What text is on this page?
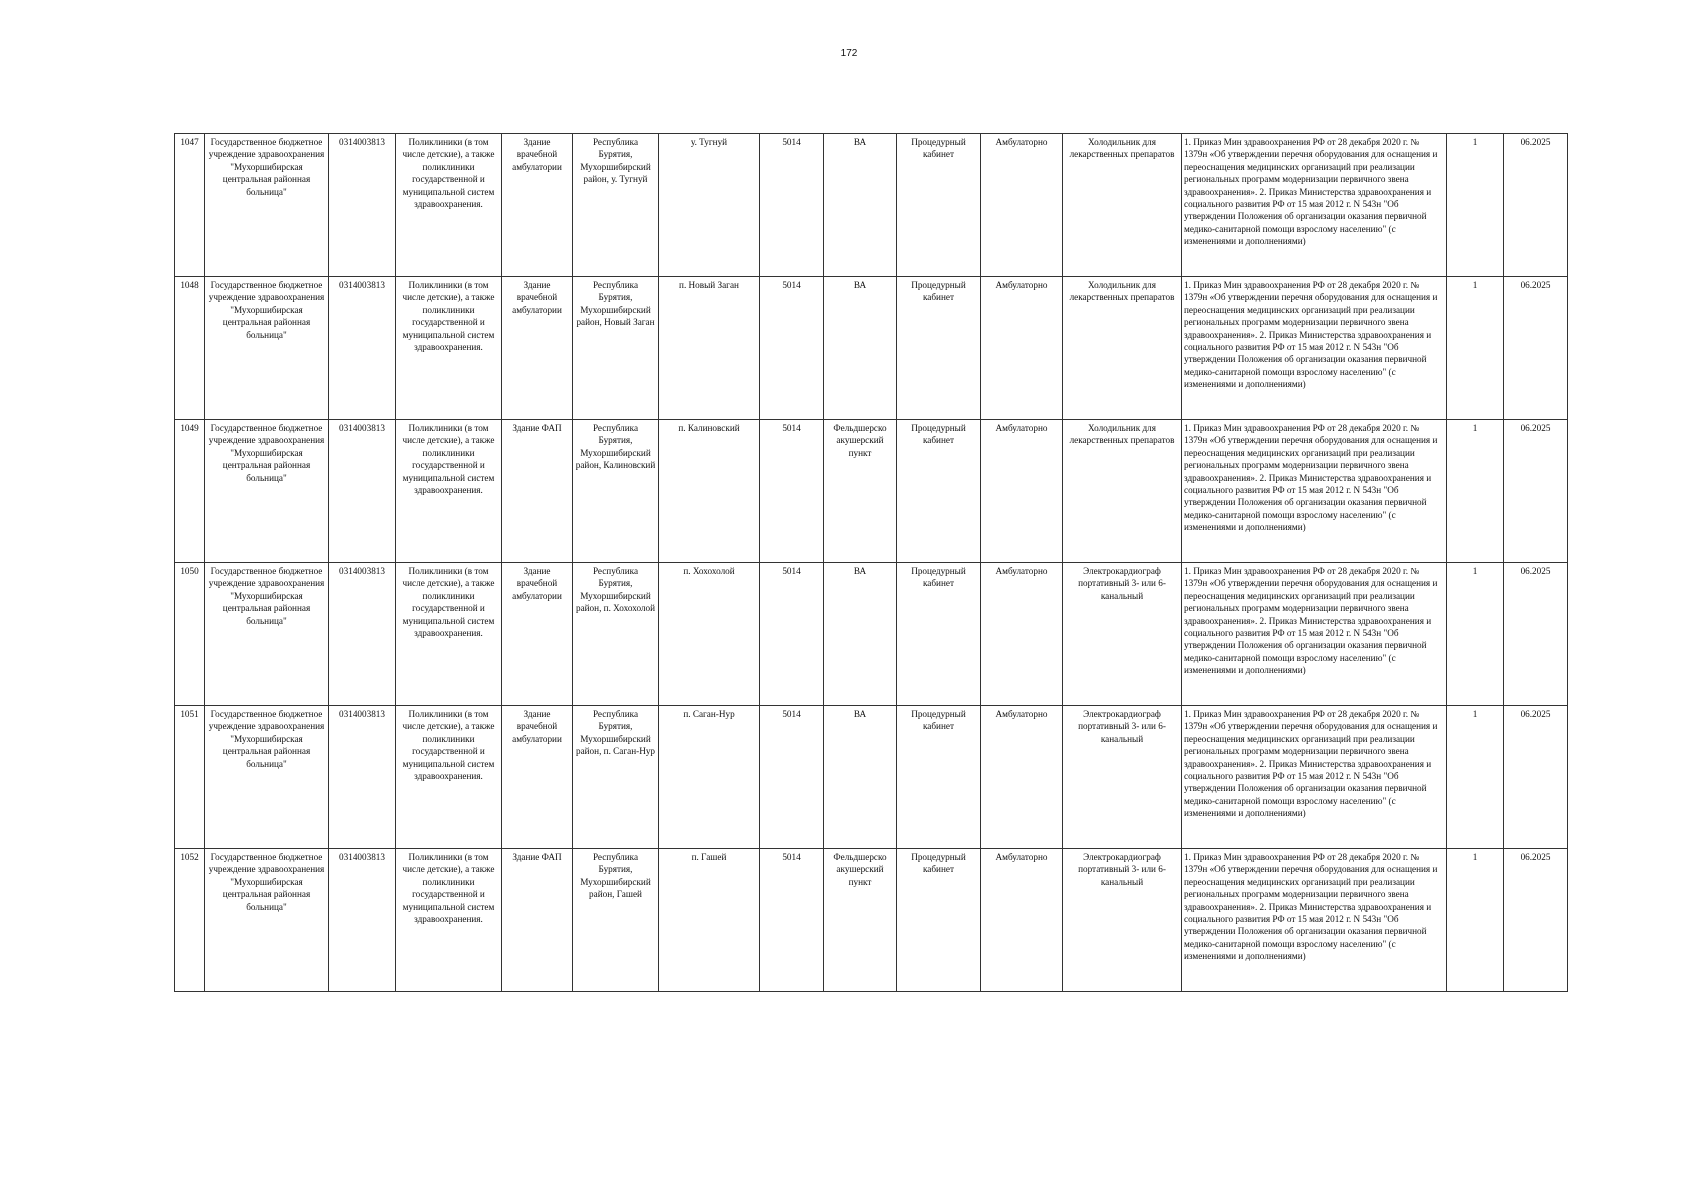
172
1047	Государственное бюджетное учреждение здравоохранения "Мухоршибирская центральная районная больница"	0314003813	Поликлиники (в том числе детские), а также поликлиники государственной и муниципальной систем здравоохранения.	Здание врачебной амбулатории	Республика Бурятия, Мухоршибирский район, у. Тугнуй	у. Тугнуй	5014	ВА	Процедурный кабинет	Амбулаторно	Холодильник для лекарственных препаратов	1. Приказ Мин здравоохранения РФ от 28 декабря 2020 г. № 1379н «Об утверждении перечня оборудования для оснащения и переоснащения медицинских организаций при реализации региональных программ модернизации первичного звена здравоохранения». 2. Приказ Министерства здравоохранения и социального развития РФ от 15 мая 2012 г. N 543н "Об утверждении Положения об организации оказания первичной медико-санитарной помощи взрослому населению" (с изменениями и дополнениями)	1	06.2025
1048	Государственное бюджетное учреждение здравоохранения "Мухоршибирская центральная районная больница"	0314003813	Поликлиники (в том числе детские), а также поликлиники государственной и муниципальной систем здравоохранения.	Здание врачебной амбулатории	Республика Бурятия, Мухоршибирский район, Новый Заган	п. Новый Заган	5014	ВА	Процедурный кабинет	Амбулаторно	Холодильник для лекарственных препаратов	1. Приказ Мин здравоохранения РФ от 28 декабря 2020 г. № 1379н «Об утверждении перечня оборудования для оснащения и переоснащения медицинских организаций при реализации региональных программ модернизации первичного звена здравоохранения». 2. Приказ Министерства здравоохранения и социального развития РФ от 15 мая 2012 г. N 543н "Об утверждении Положения об организации оказания первичной медико-санитарной помощи взрослому населению" (с изменениями и дополнениями)	1	06.2025
1049	Государственное бюджетное учреждение здравоохранения "Мухоршибирская центральная районная больница"	0314003813	Поликлиники (в том числе детские), а также поликлиники государственной и муниципальной систем здравоохранения.	Здание ФАП	Республика Бурятия, Мухоршибирский район, Калиновский	п. Калиновский	5014	Фельдшерско акушерский пункт	Процедурный кабинет	Амбулаторно	Холодильник для лекарственных препаратов	1. Приказ Мин здравоохранения РФ от 28 декабря 2020 г. № 1379н «Об утверждении перечня оборудования для оснащения и переоснащения медицинских организаций при реализации региональных программ модернизации первичного звена здравоохранения». 2. Приказ Министерства здравоохранения и социального развития РФ от 15 мая 2012 г. N 543н "Об утверждении Положения об организации оказания первичной медико-санитарной помощи взрослому населению" (с изменениями и дополнениями)	1	06.2025
1050	Государственное бюджетное учреждение здравоохранения "Мухоршибирская центральная районная больница"	0314003813	Поликлиники (в том числе детские), а также поликлиники государственной и муниципальной систем здравоохранения.	Здание врачебной амбулатории	Республика Бурятия, Мухоршибирский район, п. Хохохолой	п. Хохохолой	5014	ВА	Процедурный кабинет	Амбулаторно	Электрокардиограф портативный 3- или 6-канальный	1. Приказ Мин здравоохранения РФ от 28 декабря 2020 г. № 1379н «Об утверждении перечня оборудования для оснащения и переоснащения медицинских организаций при реализации региональных программ модернизации первичного звена здравоохранения». 2. Приказ Министерства здравоохранения и социального развития РФ от 15 мая 2012 г. N 543н "Об утверждении Положения об организации оказания первичной медико-санитарной помощи взрослому населению" (с изменениями и дополнениями)	1	06.2025
1051	Государственное бюджетное учреждение здравоохранения "Мухоршибирская центральная районная больница"	0314003813	Поликлиники (в том числе детские), а также поликлиники государственной и муниципальной систем здравоохранения.	Здание врачебной амбулатории	Республика Бурятия, Мухоршибирский район, п. Саган-Нур	п. Саган-Нур	5014	ВА	Процедурный кабинет	Амбулаторно	Электрокардиограф портативный 3- или 6-канальный	1. Приказ Мин здравоохранения РФ от 28 декабря 2020 г. № 1379н «Об утверждении перечня оборудования для оснащения и переоснащения медицинских организаций при реализации региональных программ модернизации первичного звена здравоохранения». 2. Приказ Министерства здравоохранения и социального развития РФ от 15 мая 2012 г. N 543н "Об утверждении Положения об организации оказания первичной медико-санитарной помощи взрослому населению" (с изменениями и дополнениями)	1	06.2025
1052	Государственное бюджетное учреждение здравоохранения "Мухоршибирская центральная районная больница"	0314003813	Поликлиники (в том числе детские), а также поликлиники государственной и муниципальной систем здравоохранения.	Здание ФАП	Республика Бурятия, Мухоршибирский район, Гашей	п. Гашей	5014	Фельдшерско акушерский пункт	Процедурный кабинет	Амбулаторно	Электрокардиограф портативный 3- или 6-канальный	1. Приказ Мин здравоохранения РФ от 28 декабря 2020 г. № 1379н «Об утверждении перечня оборудования для оснащения и переоснащения медицинских организаций при реализации региональных программ модернизации первичного звена здравоохранения». 2. Приказ Министерства здравоохранения и социального развития РФ от 15 мая 2012 г. N 543н "Об утверждении Положения об организации оказания первичной медико-санитарной помощи взрослому населению" (с изменениями и дополнениями)	1	06.2025
